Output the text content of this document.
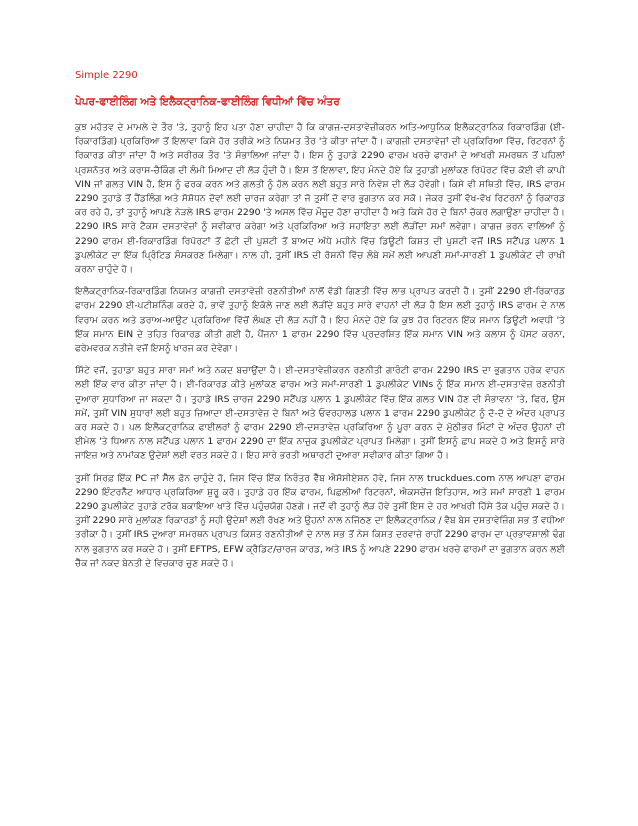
Simple 2290
ਪੇਪਰ-ਫਾਈਲਿੰਗ ਅਤੇ ਇਲੈਕਟ੍ਰਾਨਿਕ-ਫਾਈਲਿੰਗ ਵਿਧੀਆਂ ਵਿੱਚ ਅੰਤਰ

ਕੁਝ ਮਹੱਤਵ ਦੇ ਮਾਮਲੇ ਦੇ ਤੌਰ 'ਤੇ, ਤੁਹਾਨੂੰ ਇਹ ਪਤਾ ਹੋਣਾ ਚਾਹੀਦਾ ਹੈ ਕਿ ਕਾਗਜ਼-ਦਸਤਾਵੇਜ਼ੀਕਰਨ ਅਤਿ-ਆਧੁਨਿਕ ਇਲੈਕਟ੍ਰਾਨਿਕ ਰਿਕਾਰਡਿੰਗ (ਈ-ਰਿਕਾਰਡਿੰਗ) ਪ੍ਰਕਿਰਿਆ ਤੋਂ ਇਲਾਵਾ ਕਿਸੇ ਹੋਰ ਤਰੀਕੇ ਅਤੇ ਨਿਯਮਤ ਤੌਰ 'ਤੇ ਕੀਤਾ ਜਾਂਦਾ ਹੈ। ਕਾਗਜ਼ੀ ਦਸਤਾਵੇਜ਼ਾਂ ਦੀ ਪ੍ਰਕਿਰਿਆ ਵਿੱਚ, ਰਿਟਰਨਾਂ ਨੂੰ ਰਿਕਾਰਡ ਕੀਤਾ ਜਾਂਦਾ ਹੈ ਅਤੇ ਸਰੀਰਕ ਤੌਰ 'ਤੇ ਸੰਭਾਲਿਆ ਜਾਂਦਾ ਹੈ। ਇਸ ਨੂੰ ਤੁਹਾਡੇ 2290 ਫਾਰਮ ਖਰਚੇ ਫਾਰਮਾਂ ਦੇ ਆਖਰੀ ਸਮਰਥਨ ਤੋਂ ਪਹਿਲਾਂ ਪ੍ਰਸ਼ਨੋਤਰ ਅਤੇ ਕਰਾਸ-ਚੈਕਿੰਗ ਦੀ ਲੰਮੀ ਮਿਆਦ ਦੀ ਲੋੜ ਹੁੰਦੀ ਹੈ। ਇਸ ਤੋਂ ਇਲਾਵਾ, ਇਹ ਮੰਨਦੇ ਹੋਏ ਕਿ ਤੁਹਾਡੀ ਮੁਲਾਂਕਣ ਰਿਪੋਰਟ ਵਿੱਚ ਕੋਈ ਵੀ ਕਾਪੀ VIN ਜਾਂ ਗਲਤ VIN ਹੈ, ਇਸ ਨੂੰ ਫਰਕ ਕਰਨ ਅਤੇ ਗਲਤੀ ਨੂੰ ਹੱਲ ਕਰਨ ਲਈ ਬਹੁਤ ਸਾਰੇ ਨਿਵੇਸ਼ ਦੀ ਲੋੜ ਹੋਵੇਗੀ। ਕਿਸੇ ਵੀ ਸਥਿਤੀ ਵਿੱਚ, IRS ਫਾਰਮ 2290 ਤੁਹਾਡੇ ਤੋਂ ਹੈਂਡਲਿੰਗ ਅਤੇ ਸੋਸ਼ੋਧਨ ਦੋਵਾਂ ਲਈ ਚਾਰਜ ਕਰੇਗਾ ਤਾਂ ਜੋ ਤੁਸੀਂ ਦੋ ਵਾਰ ਭੁਗਤਾਨ ਕਰ ਸਕੋ। ਜੇਕਰ ਤੁਸੀਂ ਵੱਖ-ਵੱਖ ਰਿਟਰਨਾਂ ਨੂੰ ਰਿਕਾਰਡ ਕਰ ਰਹੇ ਹੋ, ਤਾਂ ਤੁਹਾਨੂੰ ਆਪਣੇ ਨੇੜਲੇ IRS ਫਾਰਮ 2290 'ਤੇ ਅਸਲ ਵਿੱਚ ਮੌਜੂਦ ਹੋਣਾ ਚਾਹੀਦਾ ਹੈ ਅਤੇ ਕਿਸੇ ਹੋਰ ਦੇ ਬਿਨਾਂ ਚੱਕਰ ਲਗਾਉਣਾ ਚਾਹੀਦਾ ਹੈ। 2290 IRS ਸਾਰੇ ਟੈਕਸ ਦਸਤਾਵੇਜ਼ਾਂ ਨੂੰ ਸਵੀਕਾਰ ਕਰੇਗਾ ਅਤੇ ਪ੍ਰਕਿਰਿਆ ਅਤੇ ਸਹਾਇਤਾ ਲਈ ਲੋੜੀਂਦਾ ਸਮਾਂ ਲਵੇਗਾ। ਕਾਗਜ਼ ਭਰਨ ਵਾਲਿਆਂ ਨੂੰ 2290 ਫਾਰਮ ਈ-ਰਿਕਾਰਡਿੰਗ ਰਿਪੋਰਟਾਂ ਤੋਂ ਛੋਟੀ ਦੀ ਪੁਸ਼ਟੀ ਤੋਂ ਬਾਅਦ ਅੱਧੇ ਮਹੀਨੇ ਵਿੱਚ ਡਿਊਟੀ ਕਿਸ਼ਤ ਦੀ ਪੁਸ਼ਟੀ ਵਜੋਂ IRS ਸਟੈਂਪਡ ਪਲਾਨ 1 ਡੁਪਲੀਕੇਟ ਦਾ ਇੱਕ ਪ੍ਰਿੰਟਿਡ ਸੰਸਕਰਣ ਮਿਲੇਗਾ। ਨਾਲ ਹੀ, ਤੁਸੀਂ IRS ਦੀ ਰੋਸ਼ਨੀ ਵਿੱਚ ਲੰਬੇ ਸਮੇਂ ਲਈ ਆਪਣੀ ਸਮਾਂ-ਸਾਰਣੀ 1 ਡੁਪਲੀਕੇਟ ਦੀ ਰਾਖੀ ਕਰਨਾ ਚਾਹੁੰਦੇ ਹੋ।

ਇਲੈਕਟ੍ਰਾਨਿਕ-ਰਿਕਾਰਡਿੰਗ ਨਿਯਮਤ ਕਾਗਜ਼ੀ ਦਸਤਾਵੇਜ਼ੀ ਰਣਨੀਤੀਆਂ ਨਾਲੋਂ ਵੱਡੀ ਗਿਣਤੀ ਵਿੱਚ ਲਾਭ ਪ੍ਰਾਪਤ ਕਰਦੀ ਹੈ। ਤੁਸੀਂ 2290 ਈ-ਰਿਕਾਰਡ ਫਾਰਮ 2290 ਈ-ਪਟੀਸ਼ਨਿੰਗ ਕਰਦੇ ਹੋ, ਭਾਵੇਂ ਤੁਹਾਨੂੰ ਇਕੱਲੇ ਜਾਣ ਲਈ ਲੋੜੀਂਦੇ ਬਹੁਤ ਸਾਰੇ ਵਾਹਨਾਂ ਦੀ ਲੋੜ ਹੈ ਇਸ ਲਈ ਤੁਹਾਨੂੰ IRS ਫਾਰਮ ਦੇ ਨਾਲ ਵਿਰਾਮ ਕਰਨ ਅਤੇ ਡਰਾਅ-ਆਉਟ ਪ੍ਰਕਿਰਿਆ ਵਿੱਚੋਂ ਲੰਘਣ ਦੀ ਲੋੜ ਨਹੀਂ ਹੈ। ਇਹ ਮੰਨਦੇ ਹੋਏ ਕਿ ਕੁਝ ਹੋਰ ਰਿਟਰਨ ਇੱਕ ਸਮਾਨ ਡਿਊਟੀ ਅਵਧੀ 'ਤੇ ਇੱਕ ਸਮਾਨ EIN ਦੇ ਤਹਿਤ ਰਿਕਾਰਡ ਕੀਤੀ ਗਈ ਹੈ, ਪੈਂਜਨਾ 1 ਫਾਰਮ 2290 ਵਿੱਚ ਪ੍ਰਦਰਸ਼ਿਤ ਇੱਕ ਸਮਾਨ VIN ਅਤੇ ਕਲਾਸ ਨੂੰ ਪੋਸਟ ਕਰਨਾ, ਫਰੇਮਵਰਕ ਨਤੀਜੇ ਵਜੋਂ ਇਸਨੂੰ ਖਾਰਜ ਕਰ ਦੇਵੇਗਾ।

ਸਿੱਟੇ ਵਜੋਂ, ਤੁਹਾਡਾ ਬਹੁਤ ਸਾਰਾ ਸਮਾਂ ਅਤੇ ਨਕਦ ਬਚਾਉਂਦਾ ਹੈ। ਈ-ਦਸਤਾਵੇਜ਼ੀਕਰਨ ਰਣਨੀਤੀ ਗਾਰੰਟੀ ਫਾਰਮ 2290 IRS ਦਾ ਭੁਗਤਾਨ ਹਰੇਕ ਵਾਹਨ ਲਈ ਇੱਕ ਵਾਰ ਕੀਤਾ ਜਾਂਦਾ ਹੈ। ਈ-ਰਿਕਾਰਡ ਕੀਤੇ ਮੁਲਾਂਕਣ ਫਾਰਮ ਅਤੇ ਸਮਾਂ-ਸਾਰਣੀ 1 ਡੁਪਲੀਕੇਟ VINs ਨੂੰ ਇੱਕ ਸਮਾਨ ਈ-ਦਸਤਾਵੇਜ਼ ਰਣਨੀਤੀ ਦੁਆਰਾ ਸੁਧਾਰਿਆ ਜਾ ਸਕਦਾ ਹੈ। ਤੁਹਾਡੇ IRS ਚਾਰਜ 2290 ਸਟੈਂਪਡ ਪਲਾਨ 1 ਡੁਪਲੀਕੇਟ ਵਿੱਚ ਇੱਕ ਗਲਤ VIN ਹੋਣ ਦੀ ਸੰਭਾਵਨਾ 'ਤੇ, ਫਿਰ, ਉਸ ਸਮੇਂ, ਤੁਸੀਂ VIN ਸੁਧਾਰਾਂ ਲਈ ਬਹੁਤ ਜ਼ਿਆਦਾ ਈ-ਦਸਤਾਵੇਜ਼ ਦੇ ਬਿਨਾਂ ਅਤੇ ਓਵਰਹਾਲਡ ਪਲਾਨ 1 ਫਾਰਮ 2290 ਡੁਪਲੀਕੇਟ ਨੂੰ ਦੋ-ਦੋ ਦੇ ਅੰਦਰ ਪ੍ਰਾਪਤ ਕਰ ਸਕਦੇ ਹੋ। ਪਲ ਇਲੈਕਟ੍ਰਾਨਿਕ ਫਾਈਲਰਾਂ ਨੂੰ ਫਾਰਮ 2290 ਈ-ਦਸਤਾਵੇਜ਼ ਪ੍ਰਕਿਰਿਆ ਨੂੰ ਪੂਰਾ ਕਰਨ ਦੇ ਮੁੱਠੀਭਰ ਮਿੰਟਾਂ ਦੇ ਅੰਦਰ ਉਹਨਾਂ ਦੀ ਈਮੇਲ 'ਤੇ ਧਿਆਨ ਨਾਲ ਸਟੈਂਪਡ ਪਲਾਨ 1 ਫਾਰਮ 2290 ਦਾ ਇੱਕ ਨਾਜ਼ੁਕ ਡੁਪਲੀਕੇਟ ਪ੍ਰਾਪਤ ਮਿਲੇਗਾ। ਤੁਸੀਂ ਇਸਨੂੰ ਛਾਪ ਸਕਦੇ ਹੋ ਅਤੇ ਇਸਨੂੰ ਸਾਰੇ ਜਾਇਜ਼ ਅਤੇ ਨਾਮਾਂਕਣ ਉਦੇਸ਼ਾਂ ਲਈ ਵਰਤ ਸਕਦੇ ਹੋ। ਇਹ ਸਾਰੇ ਭਰਤੀ ਅਥਾਰਟੀ ਦੁਆਰਾ ਸਵੀਕਾਰ ਕੀਤਾ ਗਿਆ ਹੈ।

ਤੁਸੀਂ ਸਿਰਫ਼ ਇੱਕ PC ਜਾਂ ਸੈੱਲ ਫ਼ੋਨ ਚਾਹੁੰਦੇ ਹੋ, ਜਿਸ ਵਿੱਚ ਇੱਕ ਨਿਰੰਤਰ ਵੈੱਬ ਐਸੋਸੀਏਸ਼ਨ ਹੋਵੇ, ਜਿਸ ਨਾਲ truckdues.com ਨਾਲ ਆਪਣਾ ਫਾਰਮ 2290 ਇੰਟਰਨੈੱਟ ਆਧਾਰ ਪ੍ਰਕਿਰਿਆ ਸ਼ੁਰੂ ਕਰੋ। ਤੁਹਾਡੇ ਹਰ ਇੱਕ ਫਾਰਮ, ਪਿਛਲੀਆਂ ਰਿਟਰਨਾਂ, ਐਕਸਚੇਂਜ ਇਤਿਹਾਸ, ਅਤੇ ਸਮਾਂ ਸਾਰਣੀ 1 ਫਾਰਮ 2290 ਡੁਪਲੀਕੇਟ ਤੁਹਾਡੇ ਟਰੱਕ ਬਕਾਇਆ ਖਾਤੇ ਵਿੱਚ ਪਹੁੰਚਯੋਗ ਹੋਣਗੇ। ਜਦੋਂ ਵੀ ਤੁਹਾਨੂੰ ਲੋੜ ਹੋਵੇ ਤੁਸੀਂ ਇਸ ਦੇ ਹਰ ਆਖਰੀ ਹਿੱਸੇ ਤੱਕ ਪਹੁੰਚ ਸਕਦੇ ਹੋ। ਤੁਸੀਂ 2290 ਸਾਰੇ ਮੁਲਾਂਕਣ ਰਿਕਾਰਡਾਂ ਨੂੰ ਸਹੀ ਉਦੇਸ਼ਾਂ ਲਈ ਰੱਖਣ ਅਤੇ ਉਹਨਾਂ ਨਾਲ ਨਜਿੱਠਣ ਦਾ ਇਲੈਕਟ੍ਰਾਨਿਕ / ਵੈਬ ਬੇਸ ਦਸਤਾਵੇਜ਼ਿੰਗ ਸਭ ਤੋਂ ਵਧੀਆ ਤਰੀਕਾ ਹੈ। ਤੁਸੀਂ IRS ਦੁਆਰਾ ਸਮਰਥਨ ਪ੍ਰਾਪਤ ਕਿਸ਼ਤ ਰਣਨੀਤੀਆਂ ਦੇ ਨਾਲ ਸਭ ਤੋਂ ਨੇਸ ਕਿਸ਼ਤ ਦਰਵਾਜ਼ੇ ਰਾਹੀਂ 2290 ਫਾਰਮ ਦਾ ਪ੍ਰਭਾਵਸ਼ਾਲੀ ਢੰਗ ਨਾਲ ਭੁਗਤਾਨ ਕਰ ਸਕਦੇ ਹੋ। ਤੁਸੀਂ EFTPS, EFW ਕ੍ਰੈਡਿਟ/ਚਾਰਜ ਕਾਰਡ, ਅਤੇ IRS ਨੂੰ ਆਪਣੇ 2290 ਫਾਰਮ ਖਰਚੇ ਫਾਰਮਾਂ ਦਾ ਭੁਗਤਾਨ ਕਰਨ ਲਈ ਚੈੱਕ ਜਾਂ ਨਕਦ ਬੇਨਤੀ ਦੇ ਵਿਚਕਾਰ ਚੁਣ ਸਕਦੇ ਹੋ।
